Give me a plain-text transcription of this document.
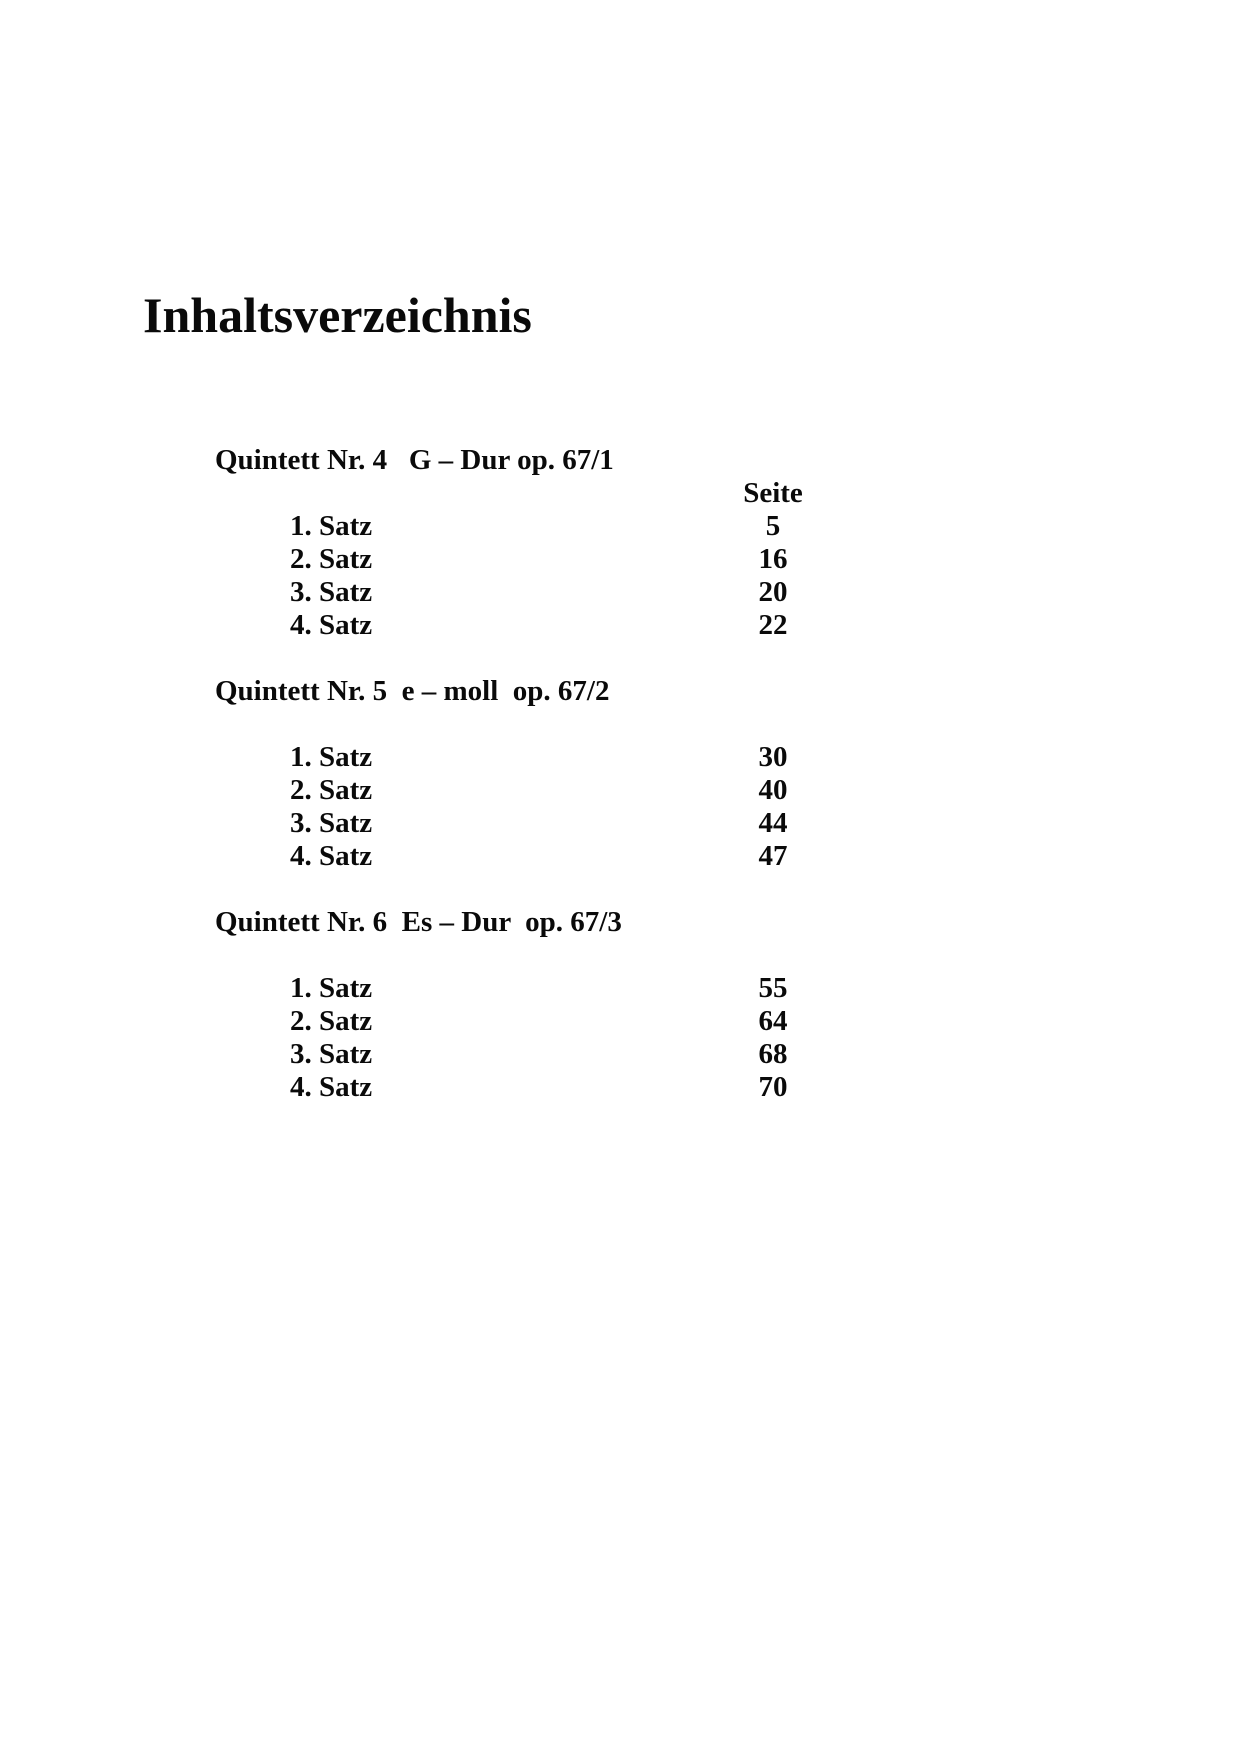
Inhaltsverzeichnis
Quintett Nr. 4   G – Dur op. 67/1
Seite
1. Satz	5
2. Satz	16
3. Satz	20
4. Satz	22
Quintett Nr. 5  e – moll  op. 67/2
1. Satz	30
2. Satz	40
3. Satz	44
4. Satz	47
Quintett Nr. 6  Es – Dur  op. 67/3
1. Satz	55
2. Satz	64
3. Satz	68
4. Satz	70
